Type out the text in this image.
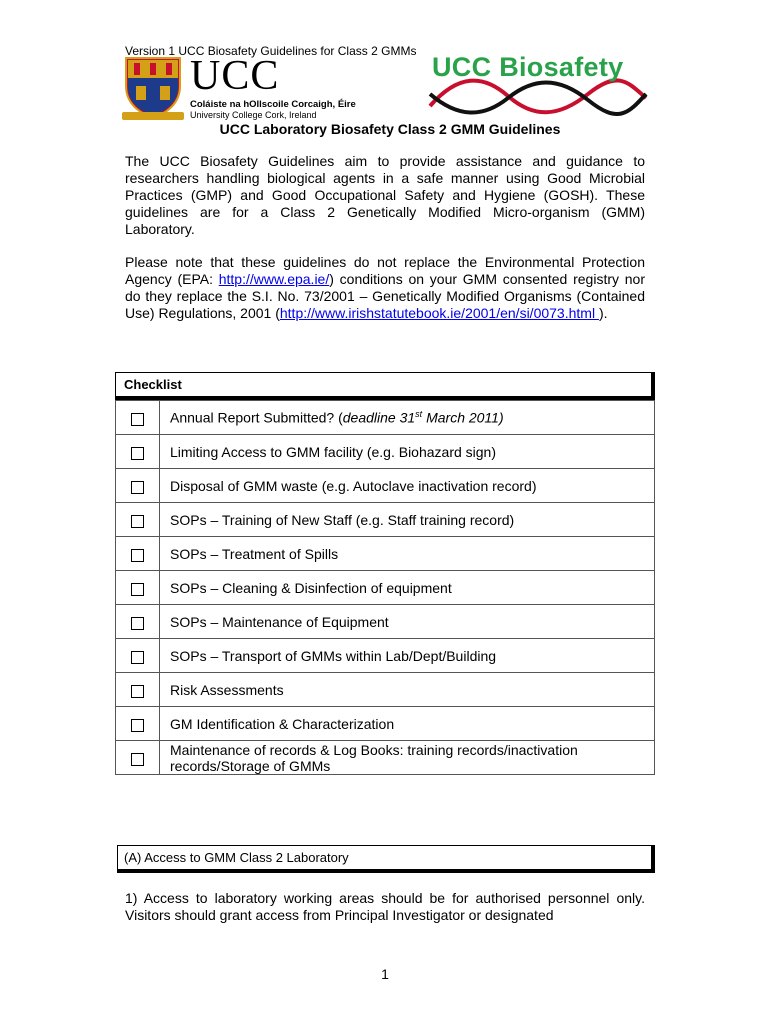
Version 1 UCC Biosafety Guidelines for Class 2 GMMs
UCC
Coláiste na hOllscoile Corcaigh, Éire
University College Cork, Ireland
UCC Biosafety
UCC Laboratory Biosafety Class 2 GMM Guidelines
The UCC Biosafety Guidelines aim to provide assistance and guidance to researchers handling biological agents in a safe manner using Good Microbial Practices (GMP) and Good Occupational Safety and Hygiene (GOSH). These guidelines are for a Class 2 Genetically Modified Micro-organism (GMM) Laboratory.
Please note that these guidelines do not replace the Environmental Protection Agency (EPA: http://www.epa.ie/) conditions on your GMM consented registry nor do they replace the S.I. No. 73/2001 – Genetically Modified Organisms (Contained Use) Regulations, 2001 (http://www.irishstatutebook.ie/2001/en/si/0073.html ).
Checklist
	Annual Report Submitted? (deadline 31st March 2011)
	Limiting Access to GMM facility (e.g. Biohazard sign)
	Disposal of GMM waste (e.g. Autoclave inactivation record)
	SOPs – Training of New Staff (e.g. Staff training record)
	SOPs – Treatment of Spills
	SOPs – Cleaning & Disinfection of equipment
	SOPs – Maintenance of Equipment
	SOPs – Transport of GMMs within Lab/Dept/Building
	Risk Assessments
	GM Identification & Characterization
	Maintenance of records & Log Books: training records/inactivation records/Storage of GMMs
(A) Access to GMM Class 2 Laboratory
1) Access to laboratory working areas should be for authorised personnel only. Visitors should grant access from Principal Investigator or designated
1
